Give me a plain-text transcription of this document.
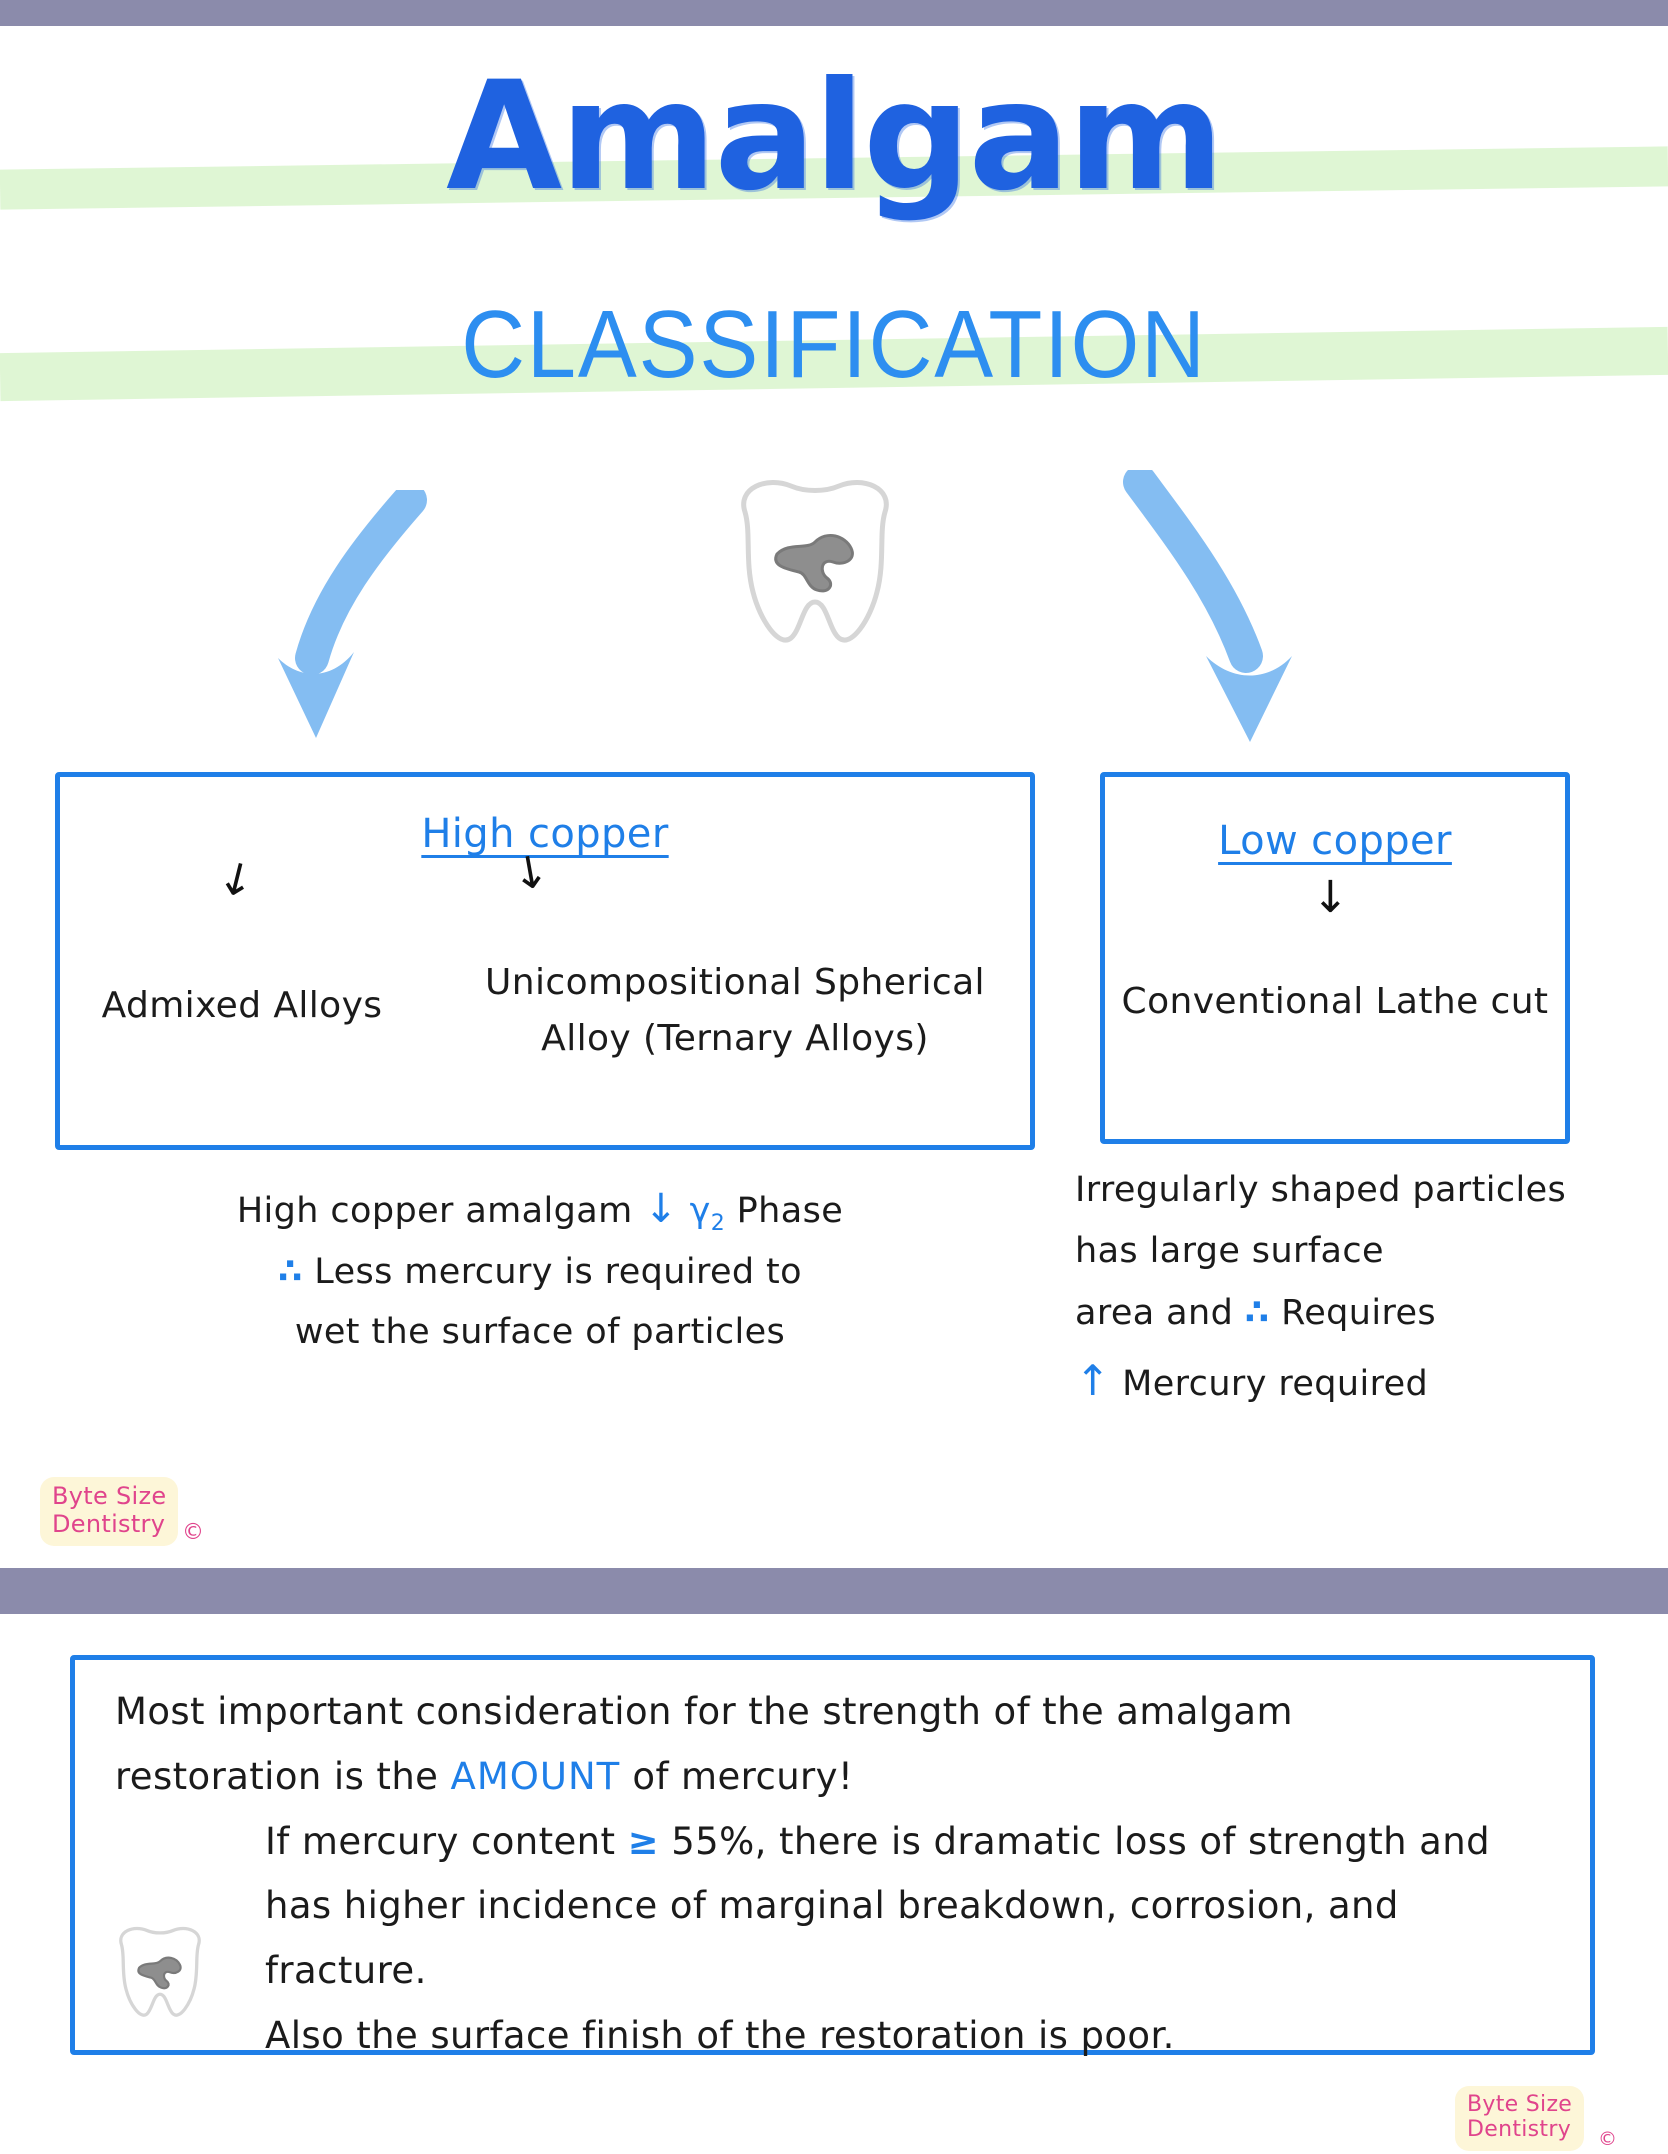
Amalgam
CLASSIFICATION
High copper
↓	↓
Admixed Alloys
Unicompositional Spherical Alloy (Ternary Alloys)
High copper amalgam ↓ $\gamma_2$ Phase
∴ Less mercury is required to
wet the surface of particles
Low copper
↓
Conventional Lathe cut
Irregularly shaped particles
has large surface
area and ∴ Requires
↑ Mercury required
Byte Size
Dentistry ©
Most important consideration for the strength of the amalgam
restoration is the AMOUNT of mercury!
If mercury content ≥ 55%, there is dramatic loss of strength and
has higher incidence of marginal breakdown, corrosion, and fracture.
Also the surface finish of the restoration is poor.
Byte Size
Dentistry ©
